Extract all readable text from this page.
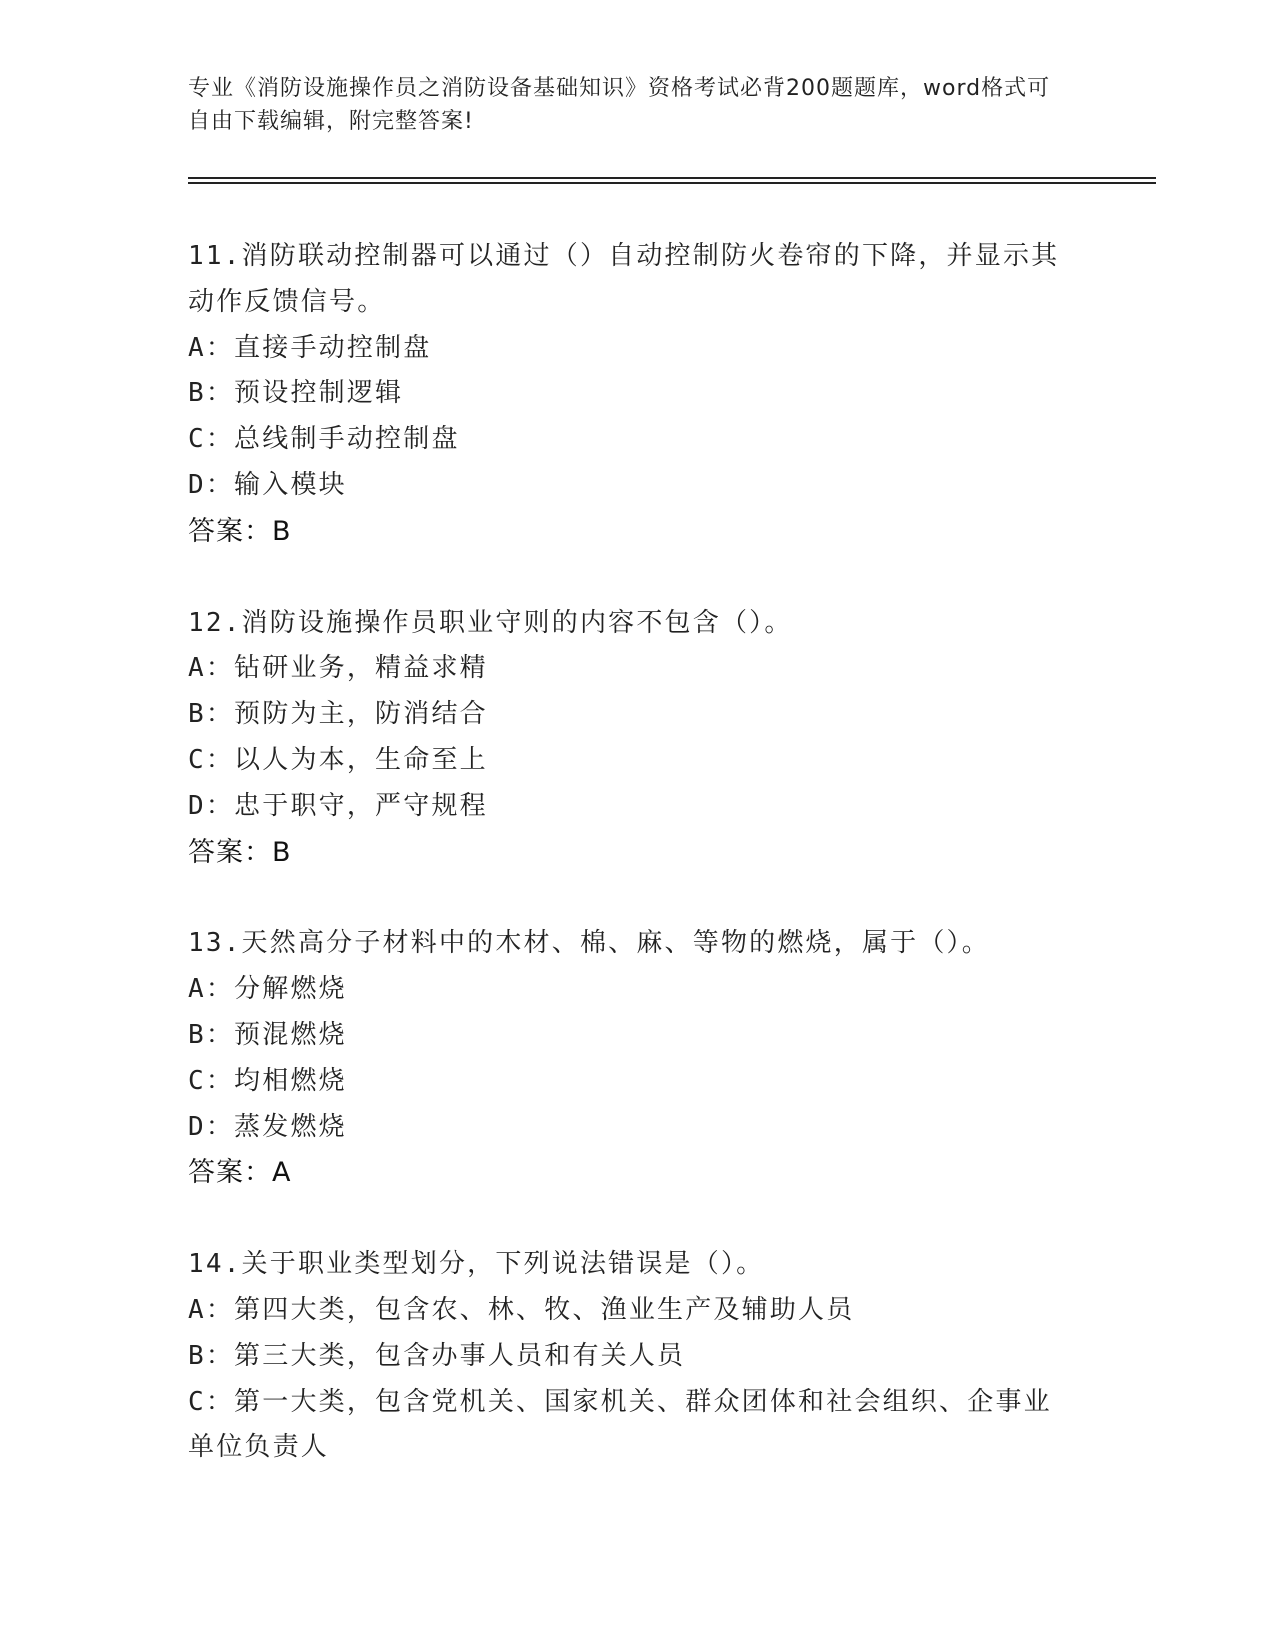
专业《消防设施操作员之消防设备基础知识》资格考试必背200题题库，word格式可自由下载编辑，附完整答案!
11.消防联动控制器可以通过（）自动控制防火卷帘的下降，并显示其动作反馈信号。
A：直接手动控制盘
B：预设控制逻辑
C：总线制手动控制盘
D：输入模块
答案：B
12.消防设施操作员职业守则的内容不包含（）。
A：钻研业务，精益求精
B：预防为主，防消结合
C：以人为本，生命至上
D：忠于职守，严守规程
答案：B
13.天然高分子材料中的木材、棉、麻、等物的燃烧，属于（）。
A：分解燃烧
B：预混燃烧
C：均相燃烧
D：蒸发燃烧
答案：A
14.关于职业类型划分，下列说法错误是（）。
A：第四大类，包含农、林、牧、渔业生产及辅助人员
B：第三大类，包含办事人员和有关人员
C：第一大类，包含党机关、国家机关、群众团体和社会组织、企事业单位负责人
